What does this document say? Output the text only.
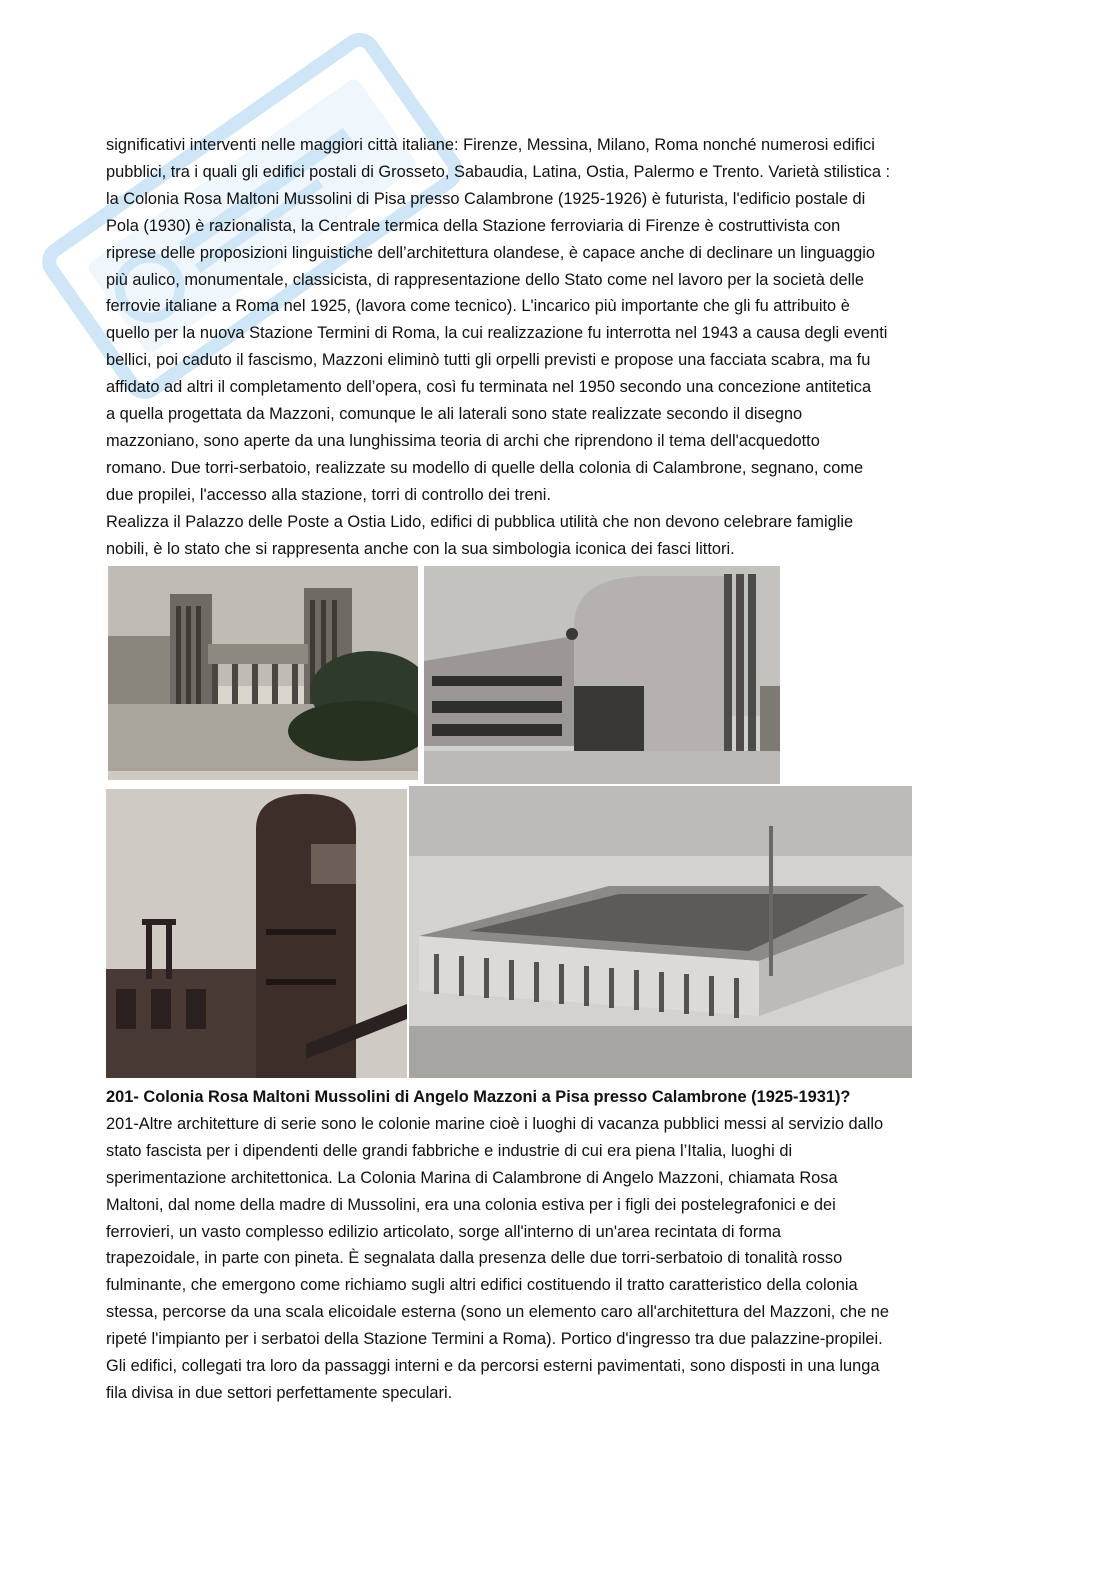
significativi interventi nelle maggiori città italiane: Firenze, Messina, Milano, Roma nonché numerosi edifici
pubblici, tra i quali gli edifici postali di Grosseto, Sabaudia, Latina, Ostia, Palermo e Trento. Varietà stilistica :
la Colonia Rosa Maltoni Mussolini di Pisa presso Calambrone (1925-1926) è futurista, l'edificio postale di
Pola (1930) è razionalista, la Centrale termica della Stazione ferroviaria di Firenze è costruttivista con
riprese delle proposizioni linguistiche dell’architettura olandese, è capace anche di declinare un linguaggio
più aulico, monumentale, classicista, di rappresentazione dello Stato come nel lavoro per la società delle
ferrovie italiane a Roma nel 1925, (lavora come tecnico). L'incarico più importante che gli fu attribuito è
quello per la nuova Stazione Termini di Roma, la cui realizzazione fu interrotta nel 1943 a causa degli eventi
bellici, poi caduto il fascismo, Mazzoni eliminò tutti gli orpelli previsti e propose una facciata scabra, ma fu
affidato ad altri il completamento dell’opera, così fu terminata nel 1950 secondo una concezione antitetica
a quella progettata da Mazzoni, comunque le ali laterali sono state realizzate secondo il disegno
mazzoniano, sono aperte da una lunghissima teoria di archi che riprendono il tema dell'acquedotto
romano. Due torri-serbatoio, realizzate su modello di quelle della colonia di Calambrone, segnano, come
due propilei, l'accesso alla stazione, torri di controllo dei treni.
Realizza il Palazzo delle Poste a Ostia Lido, edifici di pubblica utilità che non devono celebrare famiglie
nobili, è lo stato che si rappresenta anche con la sua simbologia iconica dei fasci littori.
201- Colonia Rosa Maltoni Mussolini di Angelo Mazzoni a Pisa presso Calambrone (1925-1931)?
201-Altre architetture di serie sono le colonie marine cioè i luoghi di vacanza pubblici messi al servizio dallo
stato fascista per i dipendenti delle grandi fabbriche e industrie di cui era piena l’Italia, luoghi di
sperimentazione architettonica. La Colonia Marina di Calambrone di Angelo Mazzoni, chiamata Rosa
Maltoni, dal nome della madre di Mussolini, era una colonia estiva per i figli dei postelegrafonici e dei
ferrovieri, un vasto complesso edilizio articolato, sorge all'interno di un'area recintata di forma
trapezoidale, in parte con pineta. È segnalata dalla presenza delle due torri-serbatoio di tonalità rosso
fulminante, che emergono come richiamo sugli altri edifici costituendo il tratto caratteristico della colonia
stessa, percorse da una scala elicoidale esterna (sono un elemento caro all'architettura del Mazzoni, che ne
ripeté l'impianto per i serbatoi della Stazione Termini a Roma). Portico d'ingresso tra due palazzine-propilei.
Gli edifici, collegati tra loro da passaggi interni e da percorsi esterni pavimentati, sono disposti in una lunga
fila divisa in due settori perfettamente speculari.
